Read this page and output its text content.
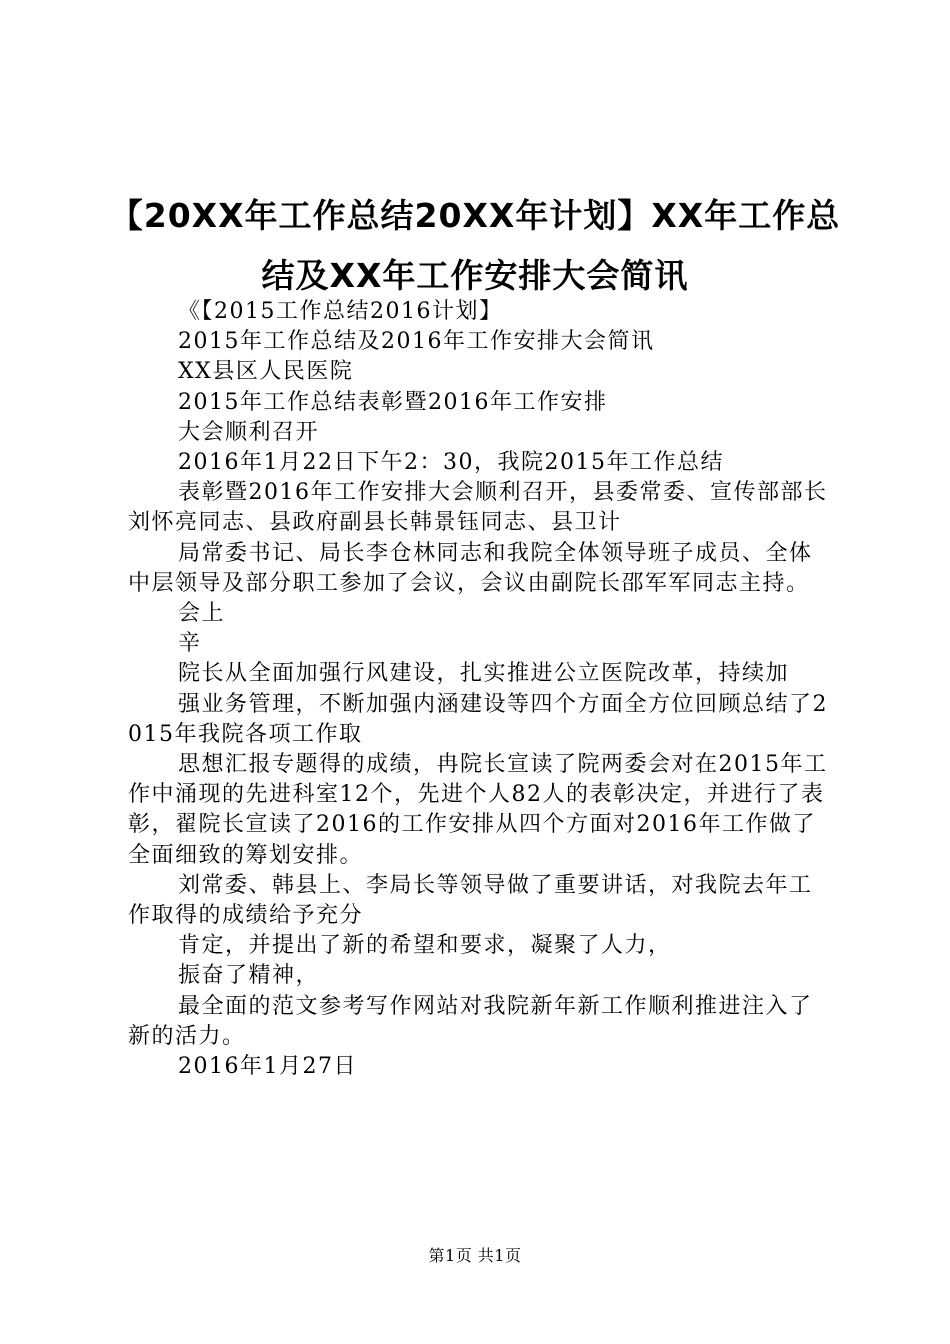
【20XX年工作总结20XX年计划】XX年工作总
结及XX年工作安排大会简讯

《【2015工作总结2016计划】

2015年工作总结及2016年工作安排大会简讯

XX县区人民医院

2015年工作总结表彰暨2016年工作安排

大会顺利召开

2016年1月22日下午2：30，我院2015年工作总结

表彰暨2016年工作安排大会顺利召开，县委常委、宣传部部长刘怀亮同志、县政府副县长韩景钰同志、县卫计

局常委书记、局长李仓林同志和我院全体领导班子成员、全体中层领导及部分职工参加了会议，会议由副院长邵军军同志主持。

会上

辛

院长从全面加强行风建设，扎实推进公立医院改革，持续加

强业务管理，不断加强内涵建设等四个方面全方位回顾总结了2015年我院各项工作取

思想汇报专题得的成绩，冉院长宣读了院两委会对在2015年工作中涌现的先进科室12个，先进个人82人的表彰决定，并进行了表彰，翟院长宣读了2016的工作安排从四个方面对2016年工作做了全面细致的筹划安排。

刘常委、韩县上、李局长等领导做了重要讲话，对我院去年工作取得的成绩给予充分

肯定，并提出了新的希望和要求，凝聚了人力，

振奋了精神，

最全面的范文参考写作网站对我院新年新工作顺利推进注入了新的活力。

2016年1月27日

第1页 共1页
